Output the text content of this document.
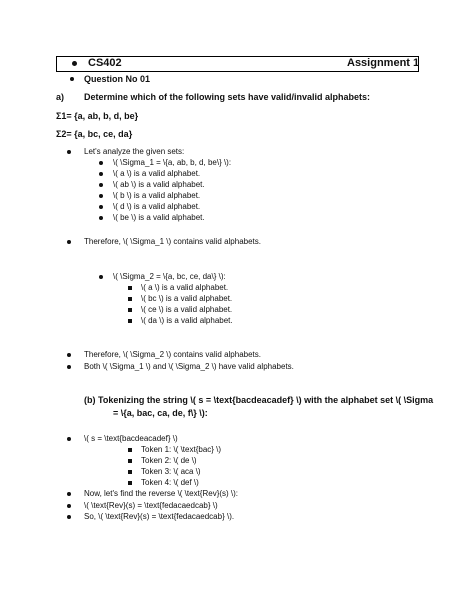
CS402	Assignment 1
Question No 01
a) Determine which of the following sets have valid/invalid alphabets:
Σ1= {a, ab, b, d, be}
Σ2= {a, bc, ce, da}
Let's analyze the given sets:
\( \Sigma_1 = \{a, ab, b, d, be\} \):
\( a \) is a valid alphabet.
\( ab \) is a valid alphabet.
\( b \) is a valid alphabet.
\( d \) is a valid alphabet.
\( be \) is a valid alphabet.
Therefore, \( \Sigma_1 \) contains valid alphabets.
\( \Sigma_2 = \{a, bc, ce, da\} \):
\( a \) is a valid alphabet.
\( bc \) is a valid alphabet.
\( ce \) is a valid alphabet.
\( da \) is a valid alphabet.
Therefore, \( \Sigma_2 \) contains valid alphabets.
Both \( \Sigma_1 \) and \( \Sigma_2 \) have valid alphabets.
(b) Tokenizing the string \( s = \text{bacdeacadef} \) with the alphabet set \( \Sigma
= \{a, bac, ca, de, f\} \):
\( s = \text{bacdeacadef} \)
Token 1: \( \text{bac} \)
Token 2: \( de \)
Token 3: \( aca \)
Token 4: \( def \)
Now, let's find the reverse \( \text{Rev}(s) \):
\( \text{Rev}(s) = \text{fedacaedcab} \)
So, \( \text{Rev}(s) = \text{fedacaedcab} \).
